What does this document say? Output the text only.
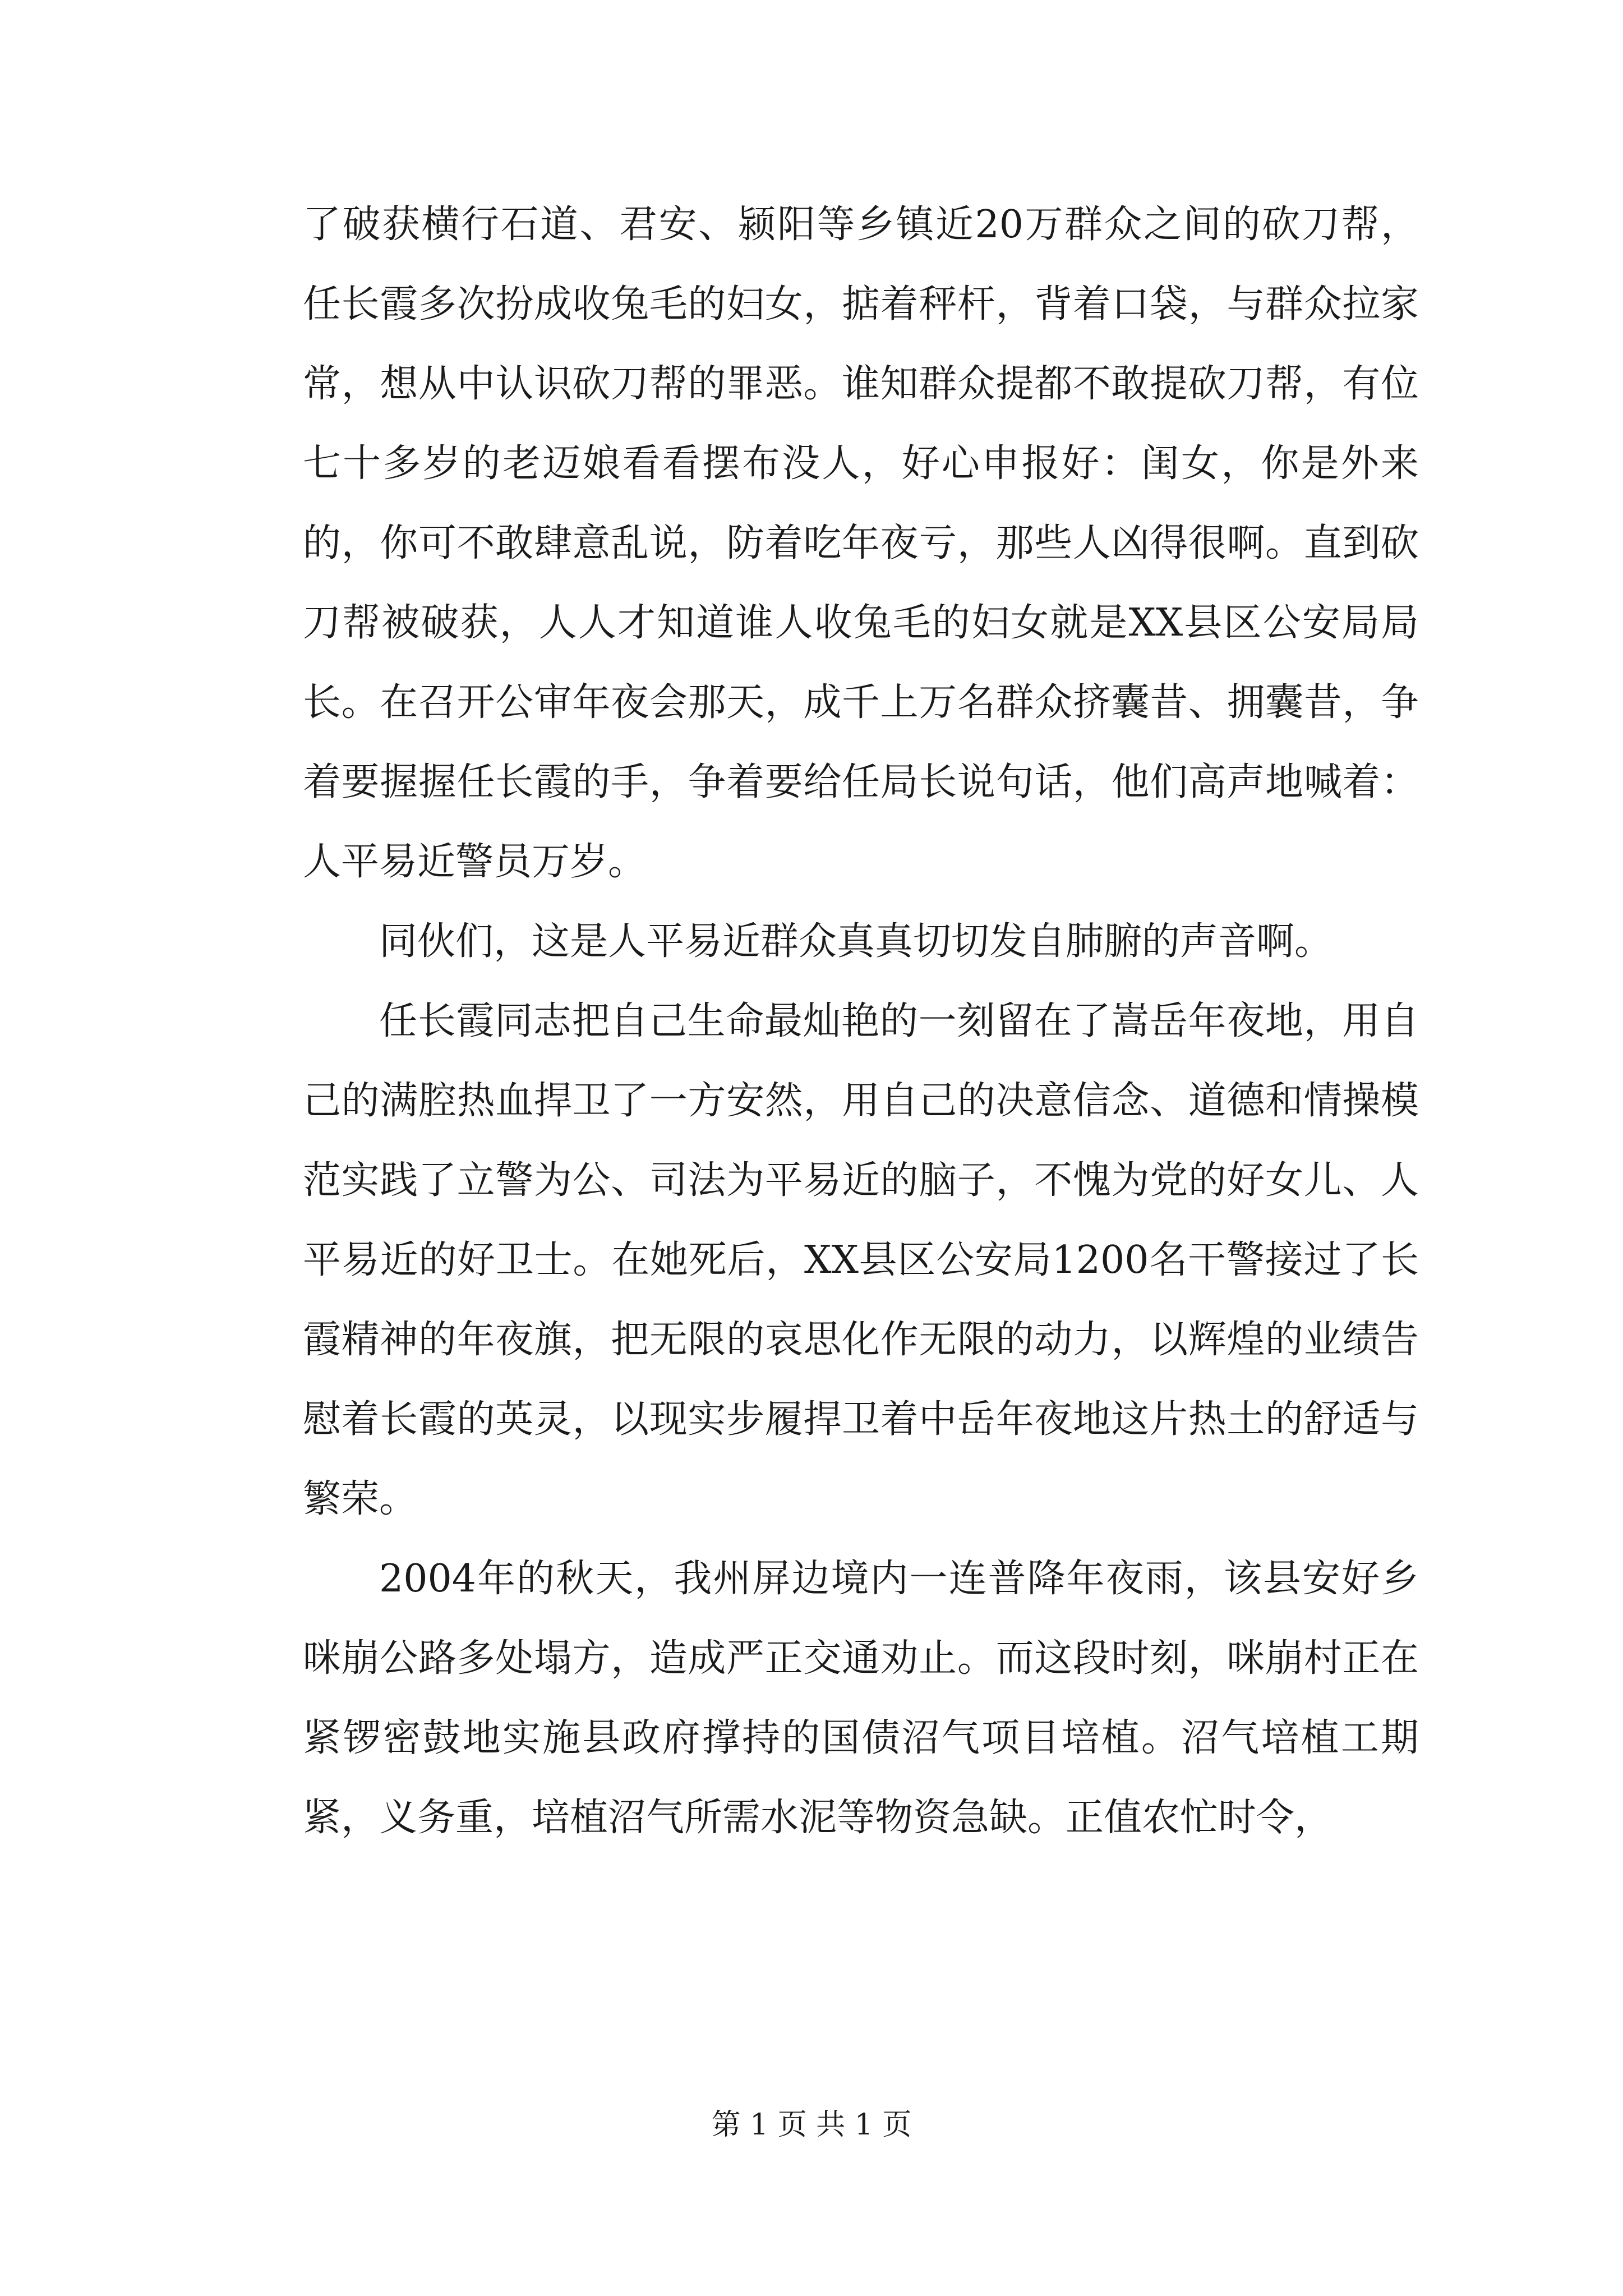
了破获横行石道、君安、颍阳等乡镇近20万群众之间的砍刀帮，任长霞多次扮成收兔毛的妇女，掂着秤杆，背着口袋，与群众拉家常，想从中认识砍刀帮的罪恶。谁知群众提都不敢提砍刀帮，有位七十多岁的老迈娘看看摆布没人，好心申报好：闺女，你是外来的，你可不敢肆意乱说，防着吃年夜亏，那些人凶得很啊。直到砍刀帮被破获，人人才知道谁人收兔毛的妇女就是XX县区公安局局长。在召开公审年夜会那天，成千上万名群众挤囊昔、拥囊昔，争着要握握任长霞的手，争着要给任局长说句话，他们高声地喊着：人平易近警员万岁。

同伙们，这是人平易近群众真真切切发自肺腑的声音啊。

任长霞同志把自己生命最灿艳的一刻留在了嵩岳年夜地，用自己的满腔热血捍卫了一方安然，用自己的决意信念、道德和情操模范实践了立警为公、司法为平易近的脑子，不愧为党的好女儿、人平易近的好卫士。在她死后，XX县区公安局1200名干警接过了长霞精神的年夜旗，把无限的哀思化作无限的动力，以辉煌的业绩告慰着长霞的英灵，以现实步履捍卫着中岳年夜地这片热土的舒适与繁荣。

2004年的秋天，我州屏边境内一连普降年夜雨，该县安好乡咪崩公路多处塌方，造成严正交通劝止。而这段时刻，咪崩村正在紧锣密鼓地实施县政府撑持的国债沼气项目培植。沼气培植工期紧，义务重，培植沼气所需水泥等物资急缺。正值农忙时令，

第 1 页 共 1 页
